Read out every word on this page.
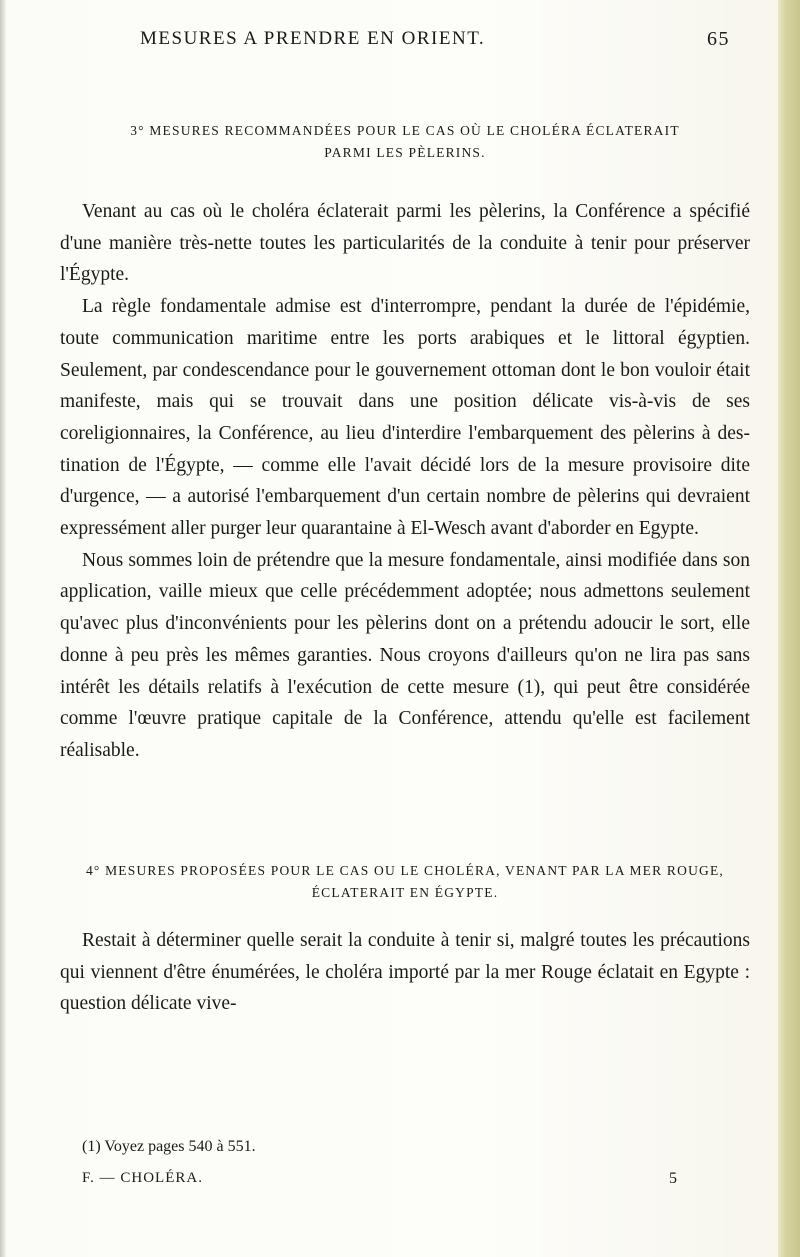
MESURES A PRENDRE EN ORIENT.	65
3° MESURES RECOMMANDÉES POUR LE CAS OÙ LE CHOLÉRA ÉCLATERAIT
PARMI LES PÈLERINS.

Venant au cas où le choléra éclaterait parmi les pèlerins, la Conférence a spécifié d'une manière très-nette toutes les particularités de la conduite à tenir pour préserver l'Égypte.

La règle fondamentale admise est d'interrompre, pendant la durée de l'épidémie, toute communication maritime entre les ports arabiques et le littoral égyptien. Seulement, par condescendance pour le gouvernement ottoman dont le bon vouloir était manifeste, mais qui se trouvait dans une position délicate vis-à-vis de ses coreligionnaires, la Conférence, au lieu d'interdire l'embarquement des pèlerins à destination de l'Égypte, — comme elle l'avait décidé lors de la mesure provisoire dite d'urgence, — a autorisé l'embarquement d'un certain nombre de pèlerins qui devraient expressément aller purger leur quarantaine à El-Wesch avant d'aborder en Egypte.

Nous sommes loin de prétendre que la mesure fondamentale, ainsi modifiée dans son application, vaille mieux que celle précédemment adoptée; nous admettons seulement qu'avec plus d'inconvénients pour les pèlerins dont on a prétendu adoucir le sort, elle donne à peu près les mêmes garanties. Nous croyons d'ailleurs qu'on ne lira pas sans intérêt les détails relatifs à l'exécution de cette mesure (1), qui peut être considérée comme l'œuvre pratique capitale de la Conférence, attendu qu'elle est facilement réalisable.

4° MESURES PROPOSÉES POUR LE CAS OU LE CHOLÉRA, VENANT PAR LA MER ROUGE,
ÉCLATERAIT EN ÉGYPTE.

Restait à déterminer quelle serait la conduite à tenir si, malgré toutes les précautions qui viennent d'être énumérées, le choléra importé par la mer Rouge éclatait en Egypte : question délicate vive-

(1) Voyez pages 540 à 551.
F. — CHOLÉRA.	5
